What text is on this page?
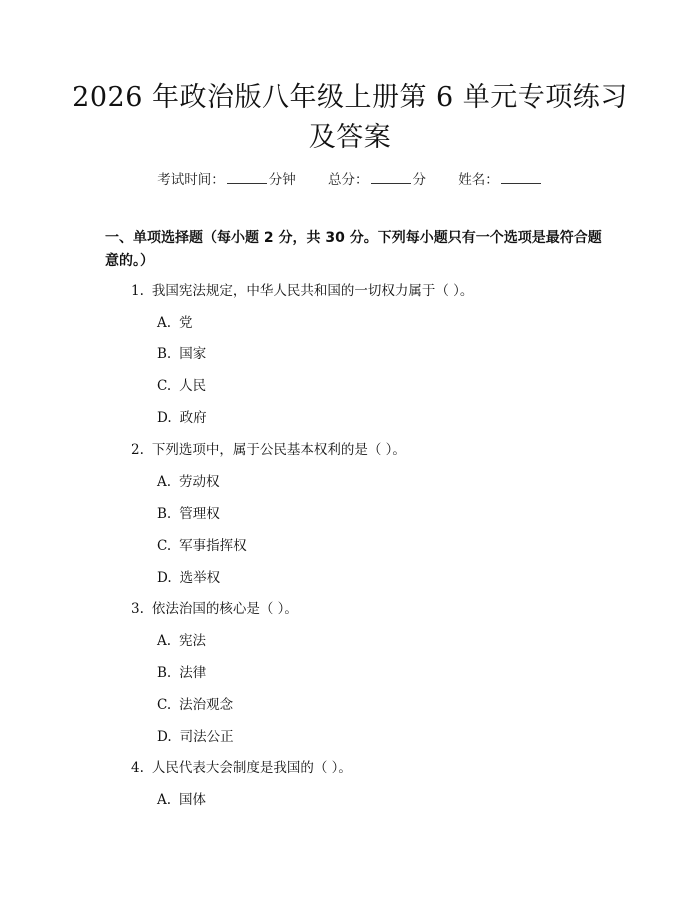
2026 年政治版八年级上册第 6 单元专项练习
及答案
考试时间：	分钟 总分：	分 姓名：
一、单项选择题（每小题 2 分，共 30 分。下列每小题只有一个选项是最符合题意的。）
1. 我国宪法规定，中华人民共和国的一切权力属于（ ）。
A. 党
B. 国家
C. 人民
D. 政府
2. 下列选项中，属于公民基本权利的是（ ）。
A. 劳动权
B. 管理权
C. 军事指挥权
D. 选举权
3. 依法治国的核心是（ ）。
A. 宪法
B. 法律
C. 法治观念
D. 司法公正
4. 人民代表大会制度是我国的（ ）。
A. 国体
